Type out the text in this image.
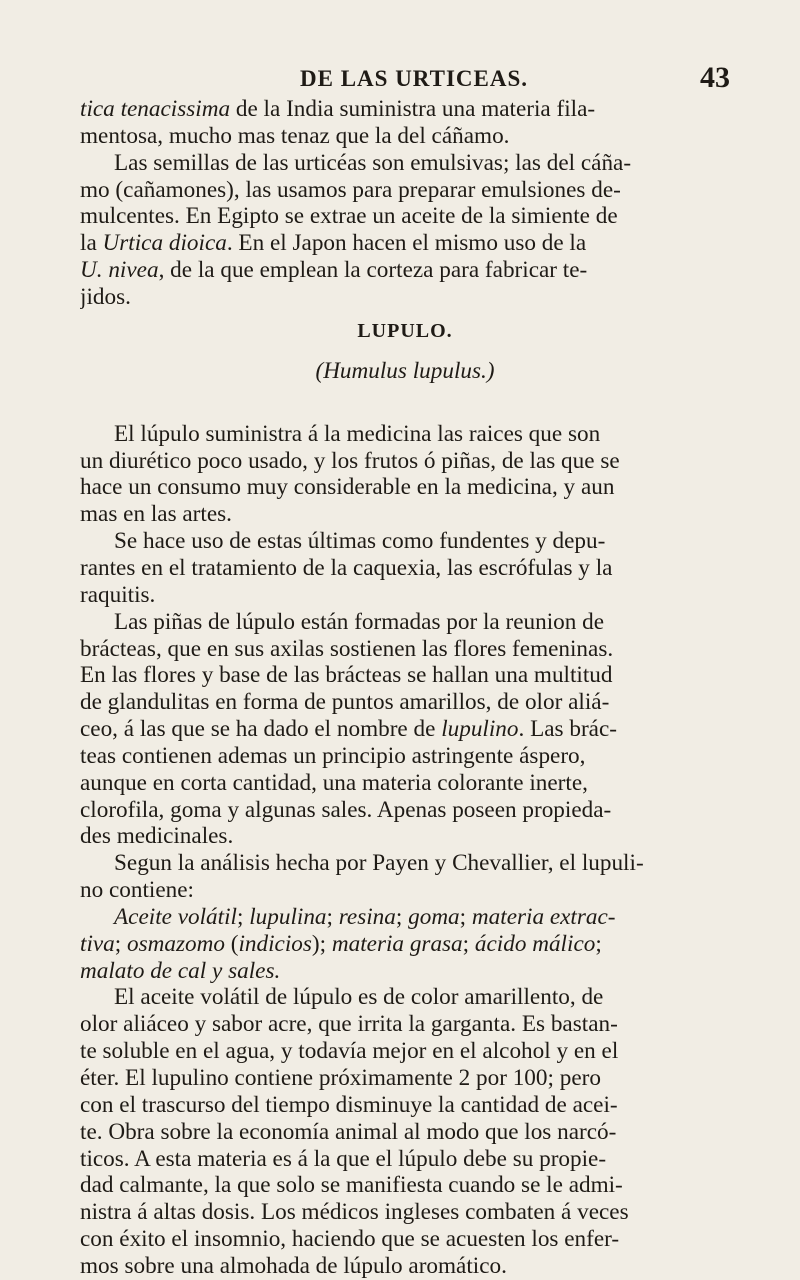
DE LAS URTICEAS.	43
tica tenacissima de la India suministra una materia fila-
mentosa, mucho mas tenaz que la del cáñamo.
Las semillas de las urticéas son emulsivas; las del cáña-
mo (cañamones), las usamos para preparar emulsiones de-
mulcentes. En Egipto se extrae un aceite de la simiente de
la Urtica dioica. En el Japon hacen el mismo uso de la
U. nivea, de la que emplean la corteza para fabricar te-
jidos.
LUPULO.
(Humulus lupulus.)
El lúpulo suministra á la medicina las raices que son
un diurético poco usado, y los frutos ó piñas, de las que se
hace un consumo muy considerable en la medicina, y aun
mas en las artes.
Se hace uso de estas últimas como fundentes y depu-
rantes en el tratamiento de la caquexia, las escrófulas y la
raquitis.
Las piñas de lúpulo están formadas por la reunion de
brácteas, que en sus axilas sostienen las flores femeninas.
En las flores y base de las brácteas se hallan una multitud
de glandulitas en forma de puntos amarillos, de olor aliá-
ceo, á las que se ha dado el nombre de lupulino. Las brác-
teas contienen ademas un principio astringente áspero,
aunque en corta cantidad, una materia colorante inerte,
clorofila, goma y algunas sales. Apenas poseen propieda-
des medicinales.
Segun la análisis hecha por Payen y Chevallier, el lupuli-
no contiene:
Aceite volátil; lupulina; resina; goma; materia extrac-
tiva; osmazomo (indicios); materia grasa; ácido málico;
malato de cal y sales.
El aceite volátil de lúpulo es de color amarillento, de
olor aliáceo y sabor acre, que irrita la garganta. Es bastan-
te soluble en el agua, y todavía mejor en el alcohol y en el
éter. El lupulino contiene próximamente 2 por 100; pero
con el trascurso del tiempo disminuye la cantidad de acei-
te. Obra sobre la economía animal al modo que los narcó-
ticos. A esta materia es á la que el lúpulo debe su propie-
dad calmante, la que solo se manifiesta cuando se le admi-
nistra á altas dosis. Los médicos ingleses combaten á veces
con éxito el insomnio, haciendo que se acuesten los enfer-
mos sobre una almohada de lúpulo aromático.
